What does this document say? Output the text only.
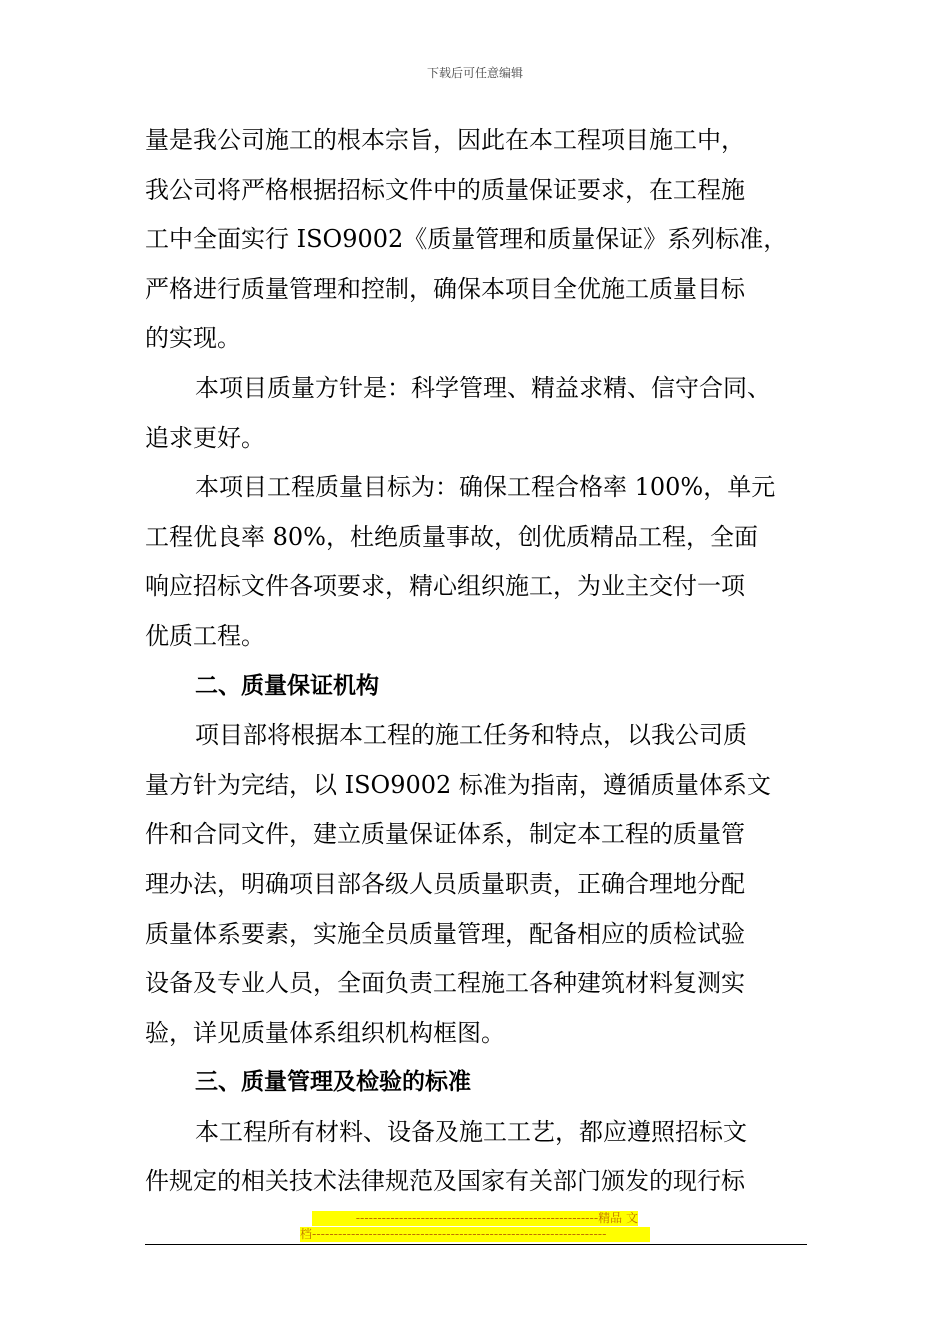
下载后可任意编辑
量是我公司施工的根本宗旨，因此在本工程项目施工中，
我公司将严格根据招标文件中的质量保证要求，在工程施
工中全面实行 ISO9002《质量管理和质量保证》系列标准，
严格进行质量管理和控制，确保本项目全优施工质量目标
的实现。
本项目质量方针是：科学管理、精益求精、信守合同、
追求更好。
本项目工程质量目标为：确保工程合格率 100%，单元
工程优良率 80%，杜绝质量事故，创优质精品工程，全面
响应招标文件各项要求，精心组织施工，为业主交付一项
优质工程。
二、质量保证机构
项目部将根据本工程的施工任务和特点，以我公司质
量方针为完结，以 ISO9002 标准为指南，遵循质量体系文
件和合同文件，建立质量保证体系，制定本工程的质量管
理办法，明确项目部各级人员质量职责，正确合理地分配
质量体系要素，实施全员质量管理，配备相应的质检试验
设备及专业人员，全面负责工程施工各种建筑材料复测实
验，详见质量体系组织机构框图。
三、质量管理及检验的标准
本工程所有材料、设备及施工工艺，都应遵照招标文
件规定的相关技术法律规范及国家有关部门颁发的现行标
--------------------------------------------------------精品 文
档--------------------------------------------------------------------
